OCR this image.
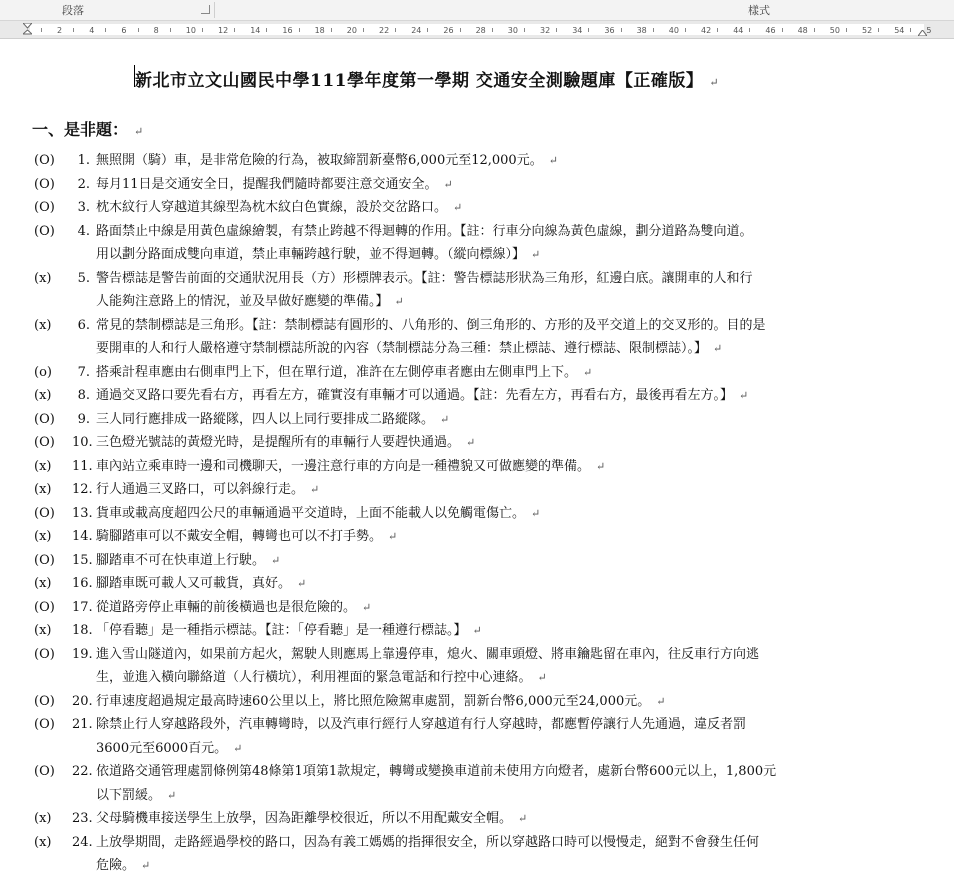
段落	樣式
2	4	6	8	10	12	14	16	18	20	22	24	26	28	30	32	34	36	38	40	42	44	46	48	50	52	54	5
新北市立文山國民中學111學年度第一學期 交通安全測驗題庫【正確版】 ↵
一、是非題： ↵
(O)	1. 無照開（騎）車，是非常危險的行為，被取締罰新臺幣6,000元至12,000元。 ↵
(O)	2. 每月11日是交通安全日，提醒我們隨時都要注意交通安全。 ↵
(O)	3. 枕木紋行人穿越道其線型為枕木紋白色實線，設於交岔路口。 ↵
(O)	4. 路面禁止中線是用黃色虛線繪製，有禁止跨越不得迴轉的作用。【註：行車分向線為黃色虛線，劃分道路為雙向道。
用以劃分路面成雙向車道，禁止車輛跨越行駛，並不得迴轉。（縱向標線）】 ↵
(x)	5. 警告標誌是警告前面的交通狀況用長（方）形標牌表示。【註：警告標誌形狀為三角形，紅邊白底。讓開車的人和行
人能夠注意路上的情況，並及早做好應變的準備。】 ↵
(x)	6. 常見的禁制標誌是三角形。【註：禁制標誌有圓形的、八角形的、倒三角形的、方形的及平交道上的交叉形的。目的是
要開車的人和行人嚴格遵守禁制標誌所說的內容（禁制標誌分為三種：禁止標誌、遵行標誌、限制標誌）。】 ↵
(o)	7. 搭乘計程車應由右側車門上下，但在單行道，准許在左側停車者應由左側車門上下。 ↵
(x)	8. 通過交叉路口要先看右方，再看左方，確實沒有車輛才可以通過。【註：先看左方，再看右方，最後再看左方。】 ↵
(O)	9. 三人同行應排成一路縱隊，四人以上同行要排成二路縱隊。 ↵
(O) 10. 三色燈光號誌的黃燈光時，是提醒所有的車輛行人要趕快通過。 ↵
(x) 11. 車內站立乘車時一邊和司機聊天，一邊注意行車的方向是一種禮貌又可做應變的準備。 ↵
(x) 12. 行人通過三叉路口，可以斜線行走。 ↵
(O) 13. 貨車或載高度超四公尺的車輛通過平交道時，上面不能載人以免觸電傷亡。 ↵
(x) 14. 騎腳踏車可以不戴安全帽，轉彎也可以不打手勢。 ↵
(O) 15. 腳踏車不可在快車道上行駛。 ↵
(x) 16. 腳踏車既可載人又可載貨，真好。 ↵
(O) 17. 從道路旁停止車輛的前後橫過也是很危險的。 ↵
(x) 18. 「停看聽」是一種指示標誌。【註：「停看聽」是一種遵行標誌。】 ↵
(O) 19. 進入雪山隧道內，如果前方起火，駕駛人則應馬上靠邊停車，熄火、關車頭燈、將車鑰匙留在車內，往反車行方向逃
生，並進入橫向聯絡道（人行橫坑），利用裡面的緊急電話和行控中心連絡。 ↵
(O) 20. 行車速度超過規定最高時速60公里以上，將比照危險駕車處罰，罰新台幣6,000元至24,000元。 ↵
(O) 21. 除禁止行人穿越路段外，汽車轉彎時，以及汽車行經行人穿越道有行人穿越時，都應暫停讓行人先通過，違反者罰
3600元至6000百元。 ↵
(O) 22. 依道路交通管理處罰條例第48條第1項第1款規定，轉彎或變換車道前未使用方向燈者，處新台幣600元以上，1,800元
以下罰緩。 ↵
(x) 23. 父母騎機車接送學生上放學，因為距離學校很近，所以不用配戴安全帽。 ↵
(x) 24. 上放學期間，走路經過學校的路口，因為有義工媽媽的指揮很安全，所以穿越路口時可以慢慢走，絕對不會發生任何
危險。 ↵
